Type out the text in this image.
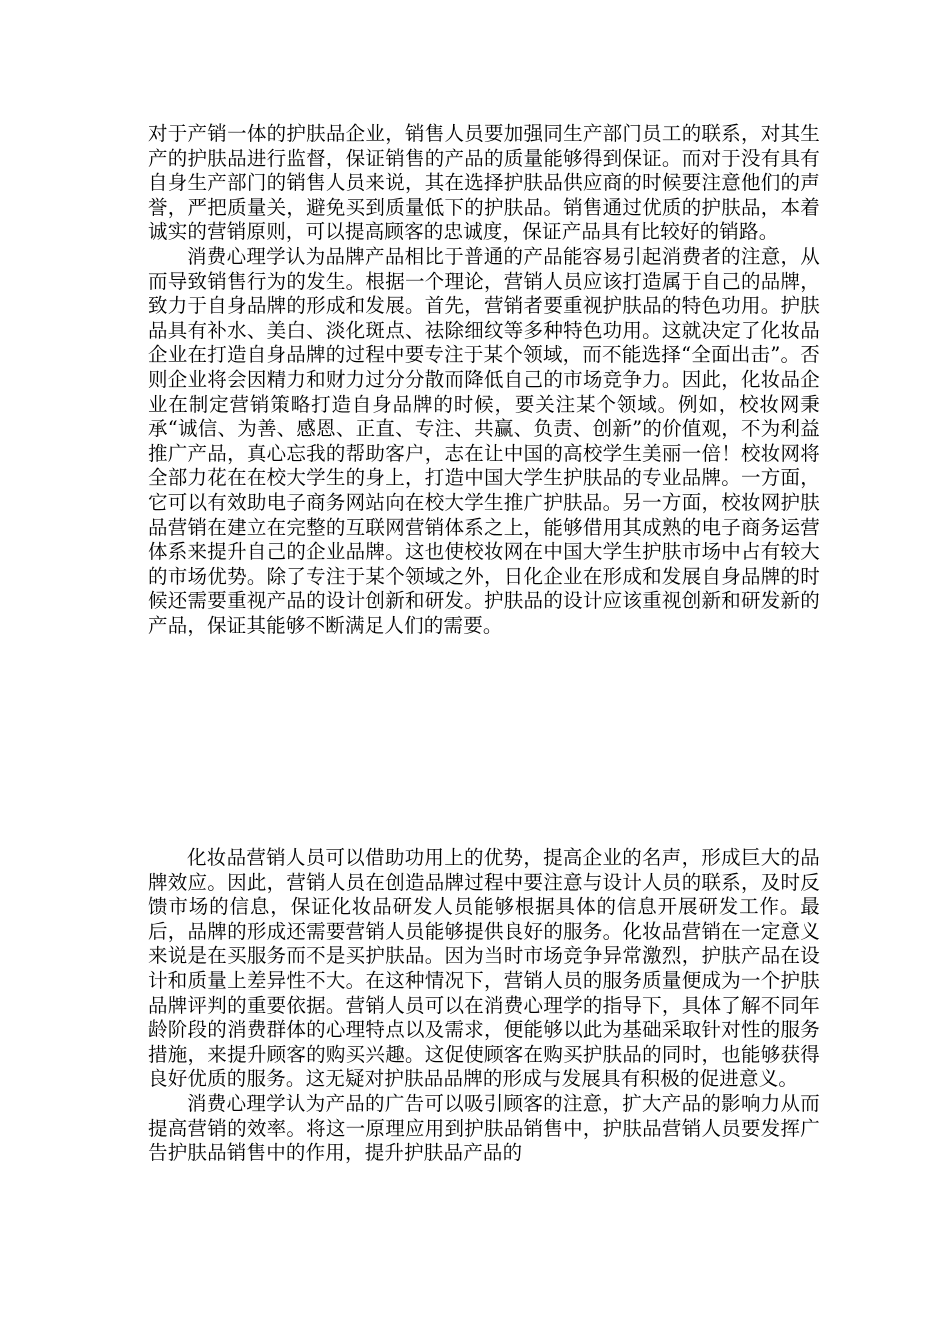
对于产销一体的护肤品企业，销售人员要加强同生产部门员工的联系，对其生产的护肤品进行监督，保证销售的产品的质量能够得到保证。而对于没有具有自身生产部门的销售人员来说，其在选择护肤品供应商的时候要注意他们的声誉，严把质量关，避免买到质量低下的护肤品。销售通过优质的护肤品，本着诚实的营销原则，可以提高顾客的忠诚度，保证产品具有比较好的销路。

消费心理学认为品牌产品相比于普通的产品能容易引起消费者的注意，从而导致销售行为的发生。根据一个理论，营销人员应该打造属于自己的品牌，致力于自身品牌的形成和发展。首先，营销者要重视护肤品的特色功用。护肤品具有补水、美白、淡化斑点、祛除细纹等多种特色功用。这就决定了化妆品企业在打造自身品牌的过程中要专注于某个领域，而不能选择“全面出击”。否则企业将会因精力和财力过分分散而降低自己的市场竞争力。因此，化妆品企业在制定营销策略打造自身品牌的时候，要关注某个领域。例如，校妆网秉承“诚信、为善、感恩、正直、专注、共赢、负责、创新”的价值观，不为利益推广产品，真心忘我的帮助客户，志在让中国的高校学生美丽一倍！校妆网将全部力花在在校大学生的身上，打造中国大学生护肤品的专业品牌。一方面，它可以有效助电子商务网站向在校大学生推广护肤品。另一方面，校妆网护肤品营销在建立在完整的互联网营销体系之上，能够借用其成熟的电子商务运营体系来提升自己的企业品牌。这也使校妆网在中国大学生护肤市场中占有较大的市场优势。除了专注于某个领域之外，日化企业在形成和发展自身品牌的时候还需要重视产品的设计创新和研发。护肤品的设计应该重视创新和研发新的产品，保证其能够不断满足人们的需要。

化妆品营销人员可以借助功用上的优势，提高企业的名声，形成巨大的品牌效应。因此，营销人员在创造品牌过程中要注意与设计人员的联系，及时反馈市场的信息，保证化妆品研发人员能够根据具体的信息开展研发工作。最后，品牌的形成还需要营销人员能够提供良好的服务。化妆品营销在一定意义来说是在买服务而不是买护肤品。因为当时市场竞争异常激烈，护肤产品在设计和质量上差异性不大。在这种情况下，营销人员的服务质量便成为一个护肤品牌评判的重要依据。营销人员可以在消费心理学的指导下，具体了解不同年龄阶段的消费群体的心理特点以及需求，便能够以此为基础采取针对性的服务措施，来提升顾客的购买兴趣。这促使顾客在购买护肤品的同时，也能够获得良好优质的服务。这无疑对护肤品品牌的形成与发展具有积极的促进意义。

消费心理学认为产品的广告可以吸引顾客的注意，扩大产品的影响力从而提高营销的效率。将这一原理应用到护肤品销售中，护肤品营销人员要发挥广告护肤品销售中的作用，提升护肤品产品的
